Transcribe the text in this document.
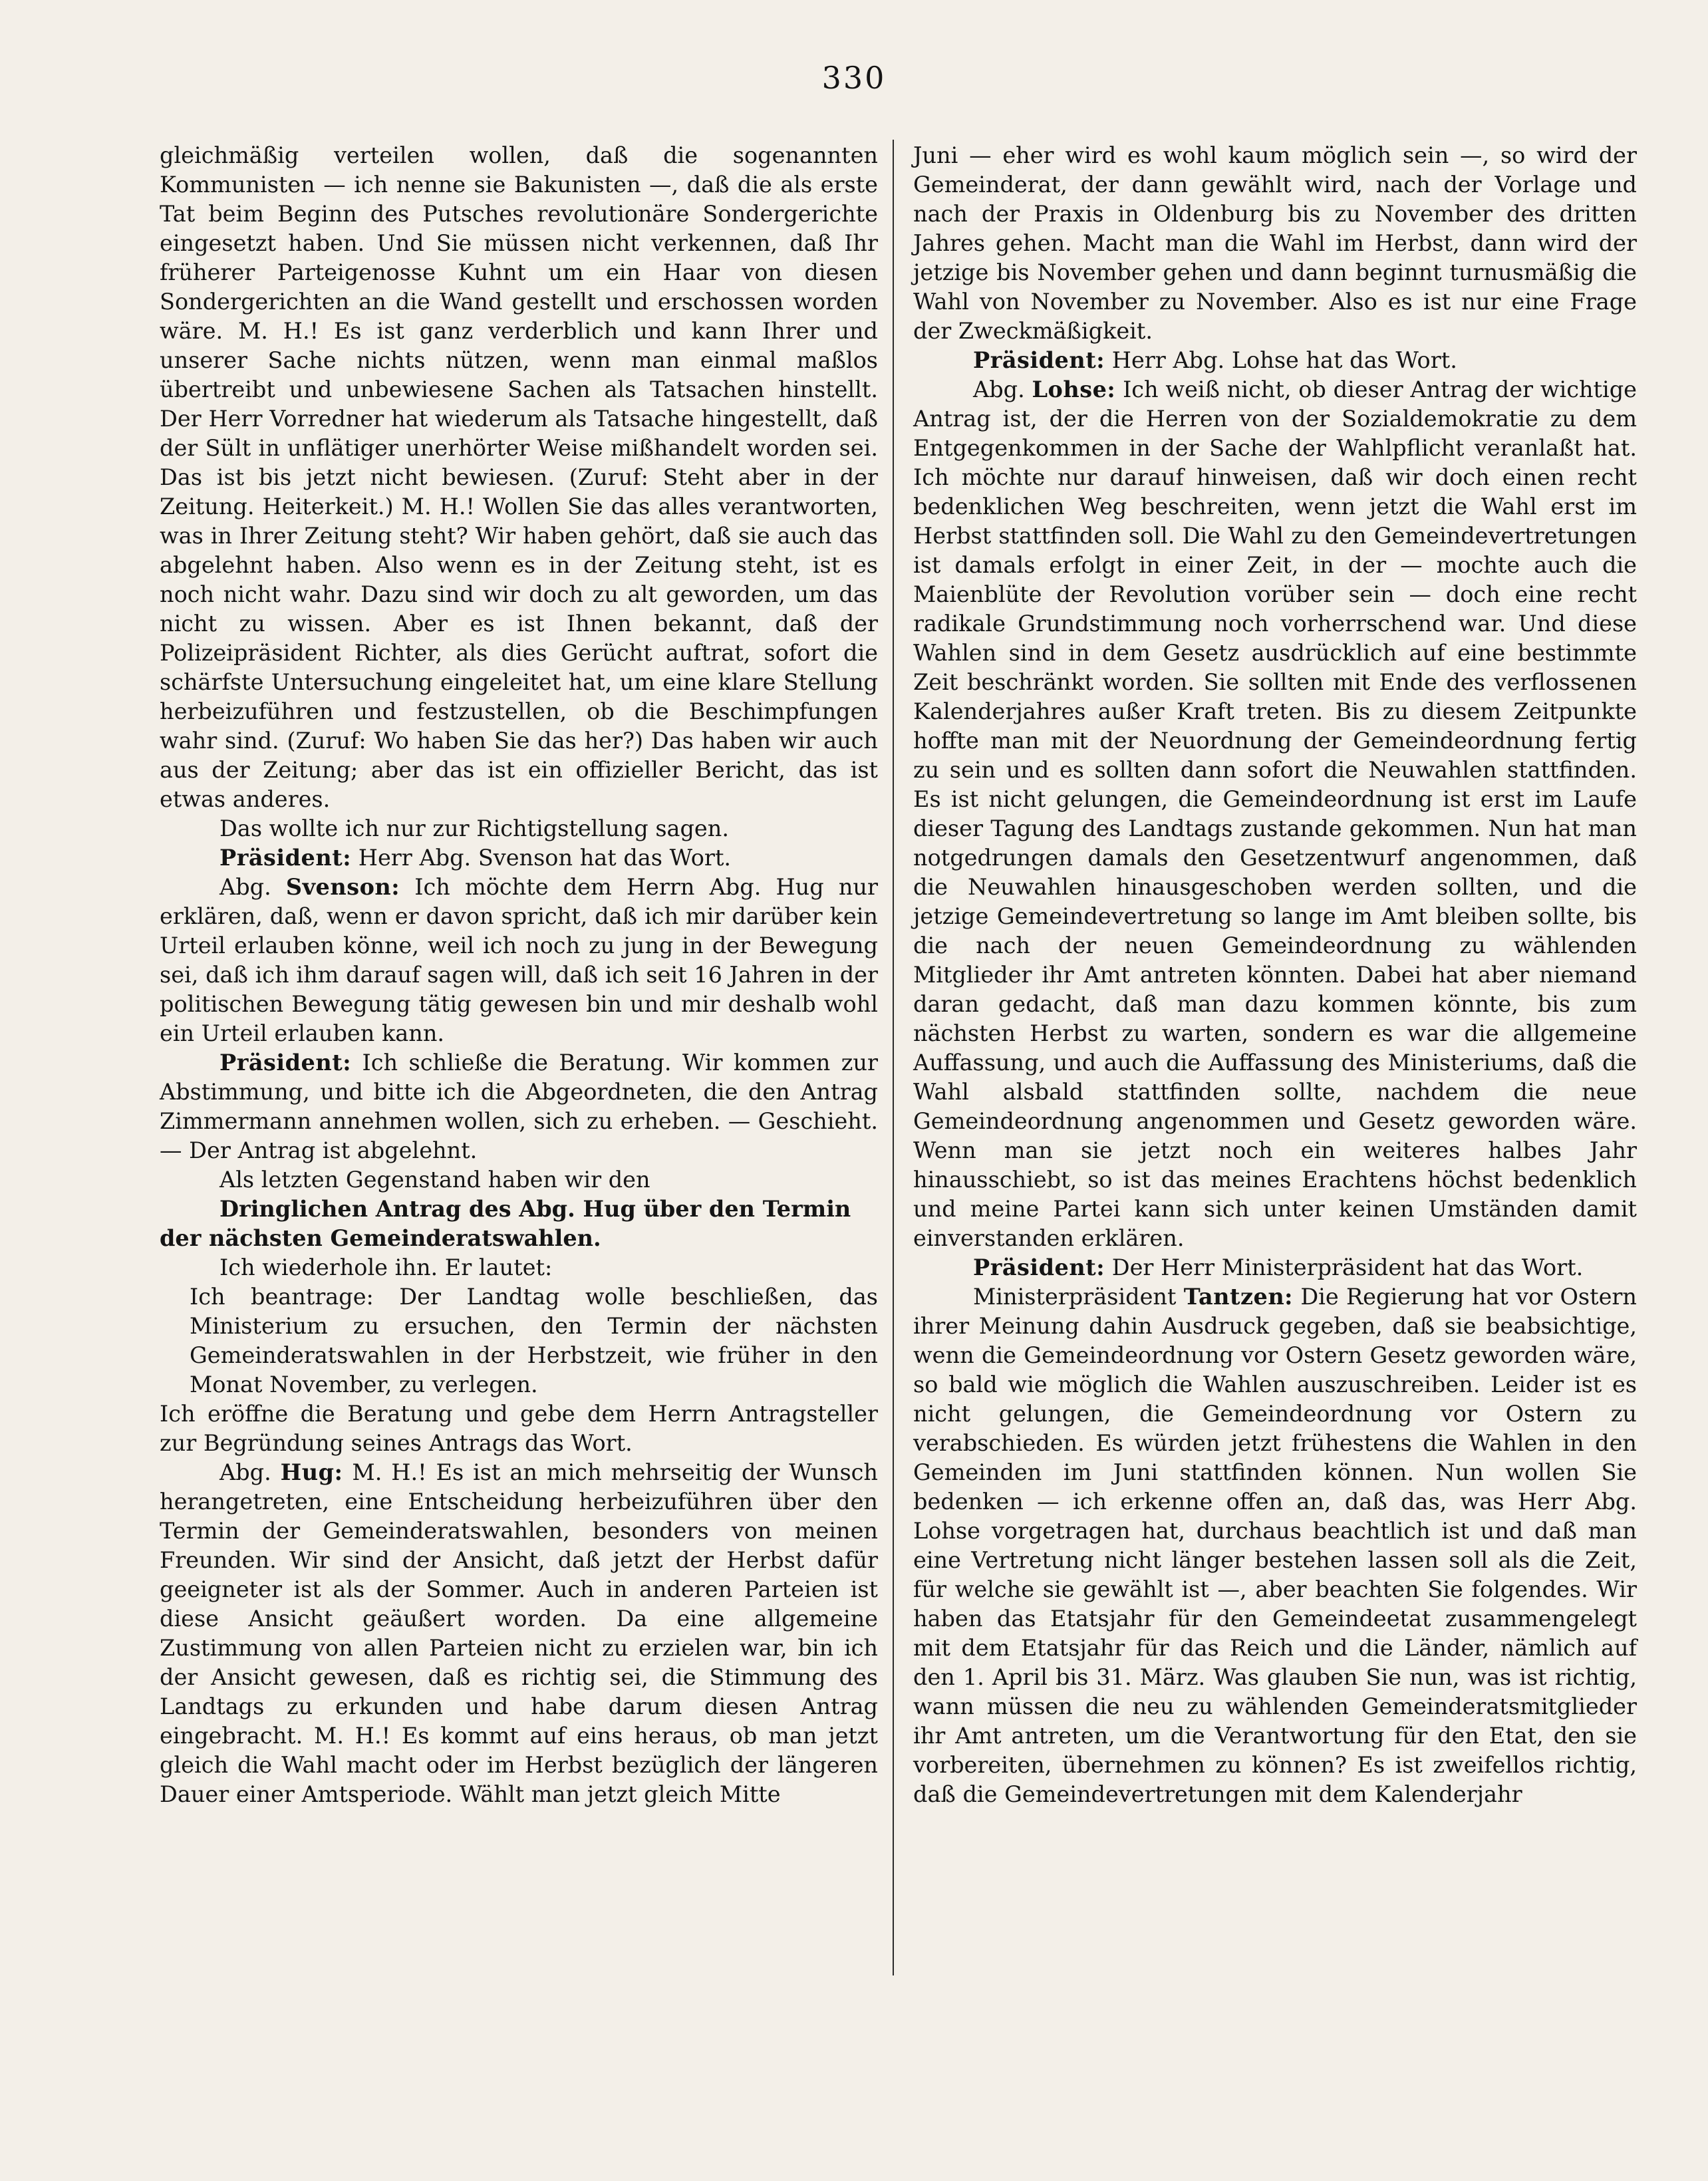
330

gleichmäßig verteilen wollen, daß die sogenannten Kommunisten — ich nenne sie Bakunisten —, daß die als erste Tat beim Beginn des Putsches revolutionäre Sondergerichte eingesetzt haben. Und Sie müssen nicht verkennen, daß Ihr früherer Parteigenosse Kuhnt um ein Haar von diesen Sondergerichten an die Wand gestellt und erschossen worden wäre. M. H.! Es ist ganz verderblich und kann Ihrer und unserer Sache nichts nützen, wenn man einmal maßlos übertreibt und unbewiesene Sachen als Tatsachen hinstellt. Der Herr Vorredner hat wiederum als Tatsache hingestellt, daß der Sült in unflätiger unerhörter Weise mißhandelt worden sei. Das ist bis jetzt nicht bewiesen. (Zuruf: Steht aber in der Zeitung. Heiterkeit.) M. H.! Wollen Sie das alles verantworten, was in Ihrer Zeitung steht? Wir haben gehört, daß sie auch das abgelehnt haben. Also wenn es in der Zeitung steht, ist es noch nicht wahr. Dazu sind wir doch zu alt geworden, um das nicht zu wissen. Aber es ist Ihnen bekannt, daß der Polizeipräsident Richter, als dies Gerücht auftrat, sofort die schärfste Untersuchung eingeleitet hat, um eine klare Stellung herbeizuführen und festzustellen, ob die Beschimpfungen wahr sind. (Zuruf: Wo haben Sie das her?) Das haben wir auch aus der Zeitung; aber das ist ein offizieller Bericht, das ist etwas anderes.

Das wollte ich nur zur Richtigstellung sagen.

Präsident: Herr Abg. Svenson hat das Wort.

Abg. Svenson: Ich möchte dem Herrn Abg. Hug nur erklären, daß, wenn er davon spricht, daß ich mir darüber kein Urteil erlauben könne, weil ich noch zu jung in der Bewegung sei, daß ich ihm darauf sagen will, daß ich seit 16 Jahren in der politischen Bewegung tätig gewesen bin und mir deshalb wohl ein Urteil erlauben kann.

Präsident: Ich schließe die Beratung. Wir kommen zur Abstimmung, und bitte ich die Abgeordneten, die den Antrag Zimmermann annehmen wollen, sich zu erheben. — Geschieht. — Der Antrag ist abgelehnt.

Als letzten Gegenstand haben wir den

Dringlichen Antrag des Abg. Hug über den Termin der nächsten Gemeinderatswahlen.

Ich wiederhole ihn. Er lautet:

Ich beantrage: Der Landtag wolle beschließen, das Ministerium zu ersuchen, den Termin der nächsten Gemeinderatswahlen in der Herbstzeit, wie früher in den Monat November, zu verlegen.

Ich eröffne die Beratung und gebe dem Herrn Antragsteller zur Begründung seines Antrags das Wort.

Abg. Hug: M. H.! Es ist an mich mehrseitig der Wunsch herangetreten, eine Entscheidung herbeizuführen über den Termin der Gemeinderatswahlen, besonders von meinen Freunden. Wir sind der Ansicht, daß jetzt der Herbst dafür geeigneter ist als der Sommer. Auch in anderen Parteien ist diese Ansicht geäußert worden. Da eine allgemeine Zustimmung von allen Parteien nicht zu erzielen war, bin ich der Ansicht gewesen, daß es richtig sei, die Stimmung des Landtags zu erkunden und habe darum diesen Antrag eingebracht. M. H.! Es kommt auf eins heraus, ob man jetzt gleich die Wahl macht oder im Herbst bezüglich der längeren Dauer einer Amtsperiode. Wählt man jetzt gleich Mitte

Juni — eher wird es wohl kaum möglich sein —, so wird der Gemeinderat, der dann gewählt wird, nach der Vorlage und nach der Praxis in Oldenburg bis zu November des dritten Jahres gehen. Macht man die Wahl im Herbst, dann wird der jetzige bis November gehen und dann beginnt turnusmäßig die Wahl von November zu November. Also es ist nur eine Frage der Zweckmäßigkeit.

Präsident: Herr Abg. Lohse hat das Wort.

Abg. Lohse: Ich weiß nicht, ob dieser Antrag der wichtige Antrag ist, der die Herren von der Sozialdemokratie zu dem Entgegenkommen in der Sache der Wahlpflicht veranlaßt hat. Ich möchte nur darauf hinweisen, daß wir doch einen recht bedenklichen Weg beschreiten, wenn jetzt die Wahl erst im Herbst stattfinden soll. Die Wahl zu den Gemeindevertretungen ist damals erfolgt in einer Zeit, in der — mochte auch die Maienblüte der Revolution vorüber sein — doch eine recht radikale Grundstimmung noch vorherrschend war. Und diese Wahlen sind in dem Gesetz ausdrücklich auf eine bestimmte Zeit beschränkt worden. Sie sollten mit Ende des verflossenen Kalenderjahres außer Kraft treten. Bis zu diesem Zeitpunkte hoffte man mit der Neuordnung der Gemeindeordnung fertig zu sein und es sollten dann sofort die Neuwahlen stattfinden. Es ist nicht gelungen, die Gemeindeordnung ist erst im Laufe dieser Tagung des Landtags zustande gekommen. Nun hat man notgedrungen damals den Gesetzentwurf angenommen, daß die Neuwahlen hinausgeschoben werden sollten, und die jetzige Gemeindevertretung so lange im Amt bleiben sollte, bis die nach der neuen Gemeindeordnung zu wählenden Mitglieder ihr Amt antreten könnten. Dabei hat aber niemand daran gedacht, daß man dazu kommen könnte, bis zum nächsten Herbst zu warten, sondern es war die allgemeine Auffassung, und auch die Auffassung des Ministeriums, daß die Wahl alsbald stattfinden sollte, nachdem die neue Gemeindeordnung angenommen und Gesetz geworden wäre. Wenn man sie jetzt noch ein weiteres halbes Jahr hinausschiebt, so ist das meines Erachtens höchst bedenklich und meine Partei kann sich unter keinen Umständen damit einverstanden erklären.

Präsident: Der Herr Ministerpräsident hat das Wort.

Ministerpräsident Tantzen: Die Regierung hat vor Ostern ihrer Meinung dahin Ausdruck gegeben, daß sie beabsichtige, wenn die Gemeindeordnung vor Ostern Gesetz geworden wäre, so bald wie möglich die Wahlen auszuschreiben. Leider ist es nicht gelungen, die Gemeindeordnung vor Ostern zu verabschieden. Es würden jetzt frühestens die Wahlen in den Gemeinden im Juni stattfinden können. Nun wollen Sie bedenken — ich erkenne offen an, daß das, was Herr Abg. Lohse vorgetragen hat, durchaus beachtlich ist und daß man eine Vertretung nicht länger bestehen lassen soll als die Zeit, für welche sie gewählt ist —, aber beachten Sie folgendes. Wir haben das Etatsjahr für den Gemeindeetat zusammengelegt mit dem Etatsjahr für das Reich und die Länder, nämlich auf den 1. April bis 31. März. Was glauben Sie nun, was ist richtig, wann müssen die neu zu wählenden Gemeinderatsmitglieder ihr Amt antreten, um die Verantwortung für den Etat, den sie vorbereiten, übernehmen zu können? Es ist zweifellos richtig, daß die Gemeindevertretungen mit dem Kalenderjahr
